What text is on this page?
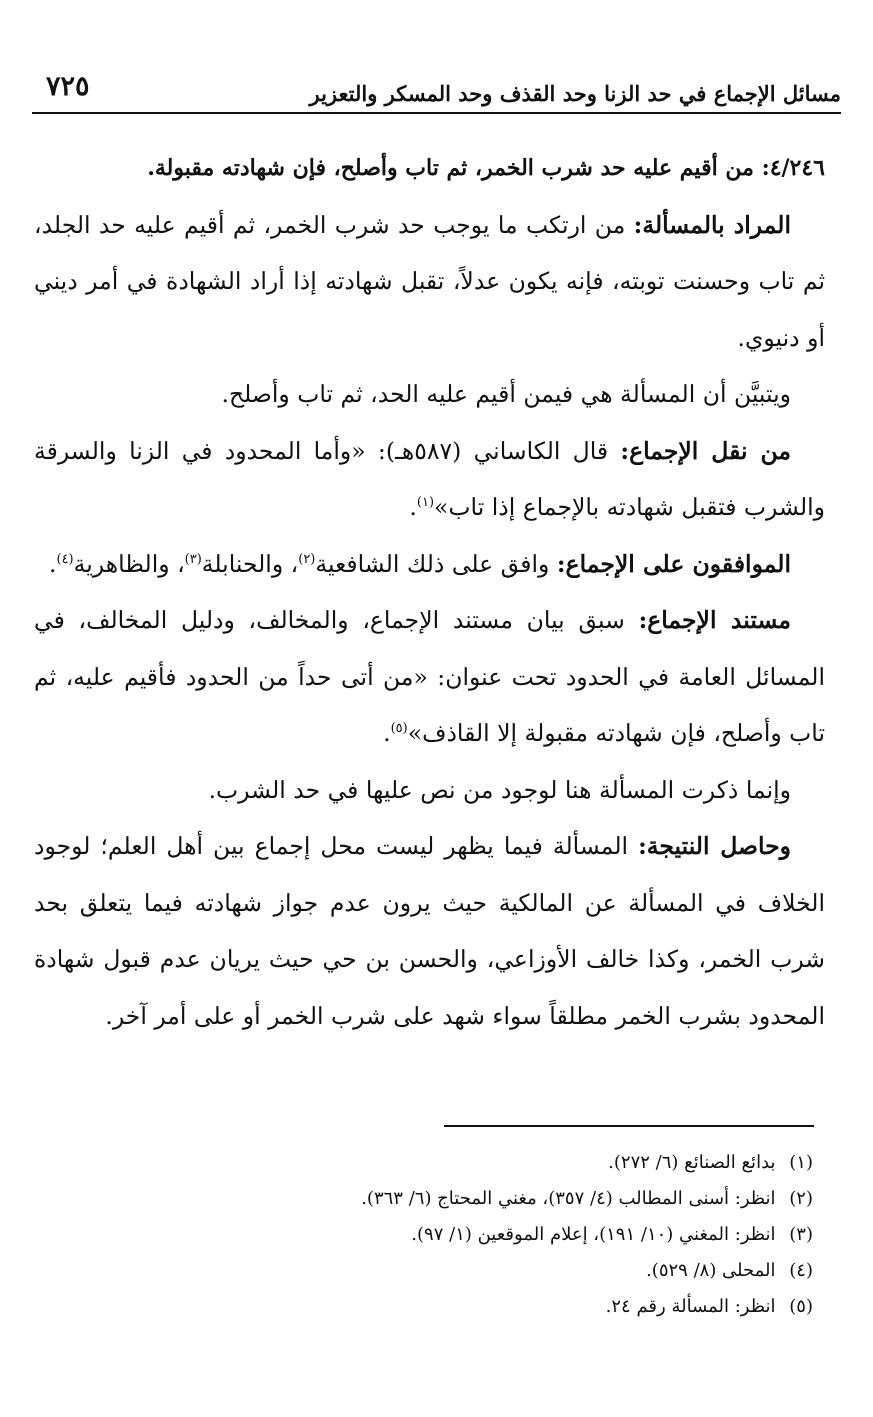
مسائل الإجماع في حد الزنا وحد القذف وحد المسكر والتعزير
٧٢٥

٤/٢٤٦: من أقيم عليه حد شرب الخمر، ثم تاب وأصلح، فإن شهادته مقبولة.

المراد بالمسألة: من ارتكب ما يوجب حد شرب الخمر، ثم أقيم عليه حد الجلد، ثم تاب وحسنت توبته، فإنه يكون عدلاً، تقبل شهادته إذا أراد الشهادة في أمر ديني أو دنيوي.

ويتبيَّن أن المسألة هي فيمن أقيم عليه الحد، ثم تاب وأصلح.

من نقل الإجماع: قال الكاساني (٥٨٧هـ): «وأما المحدود في الزنا والسرقة والشرب فتقبل شهادته بالإجماع إذا تاب»$^{(١)}$.

الموافقون على الإجماع: وافق على ذلك الشافعية$^{(٢)}$، والحنابلة$^{(٣)}$، والظاهرية$^{(٤)}$.

مستند الإجماع: سبق بيان مستند الإجماع، والمخالف، ودليل المخالف، في المسائل العامة في الحدود تحت عنوان: «من أتى حداً من الحدود فأقيم عليه، ثم تاب وأصلح، فإن شهادته مقبولة إلا القاذف»$^{(٥)}$.

وإنما ذكرت المسألة هنا لوجود من نص عليها في حد الشرب.

وحاصل النتيجة: المسألة فيما يظهر ليست محل إجماع بين أهل العلم؛ لوجود الخلاف في المسألة عن المالكية حيث يرون عدم جواز شهادته فيما يتعلق بحد شرب الخمر، وكذا خالف الأوزاعي، والحسن بن حي حيث يريان عدم قبول شهادة المحدود بشرب الخمر مطلقاً سواء شهد على شرب الخمر أو على أمر آخر.

(١) بدائع الصنائع (٦/ ٢٧٢).
(٢) انظر: أسنى المطالب (٤/ ٣٥٧)، مغني المحتاج (٦/ ٣٦٣).
(٣) انظر: المغني (١٠/ ١٩١)، إعلام الموقعين (١/ ٩٧).
(٤) المحلى (٨/ ٥٢٩).
(٥) انظر: المسألة رقم ٢٤.
